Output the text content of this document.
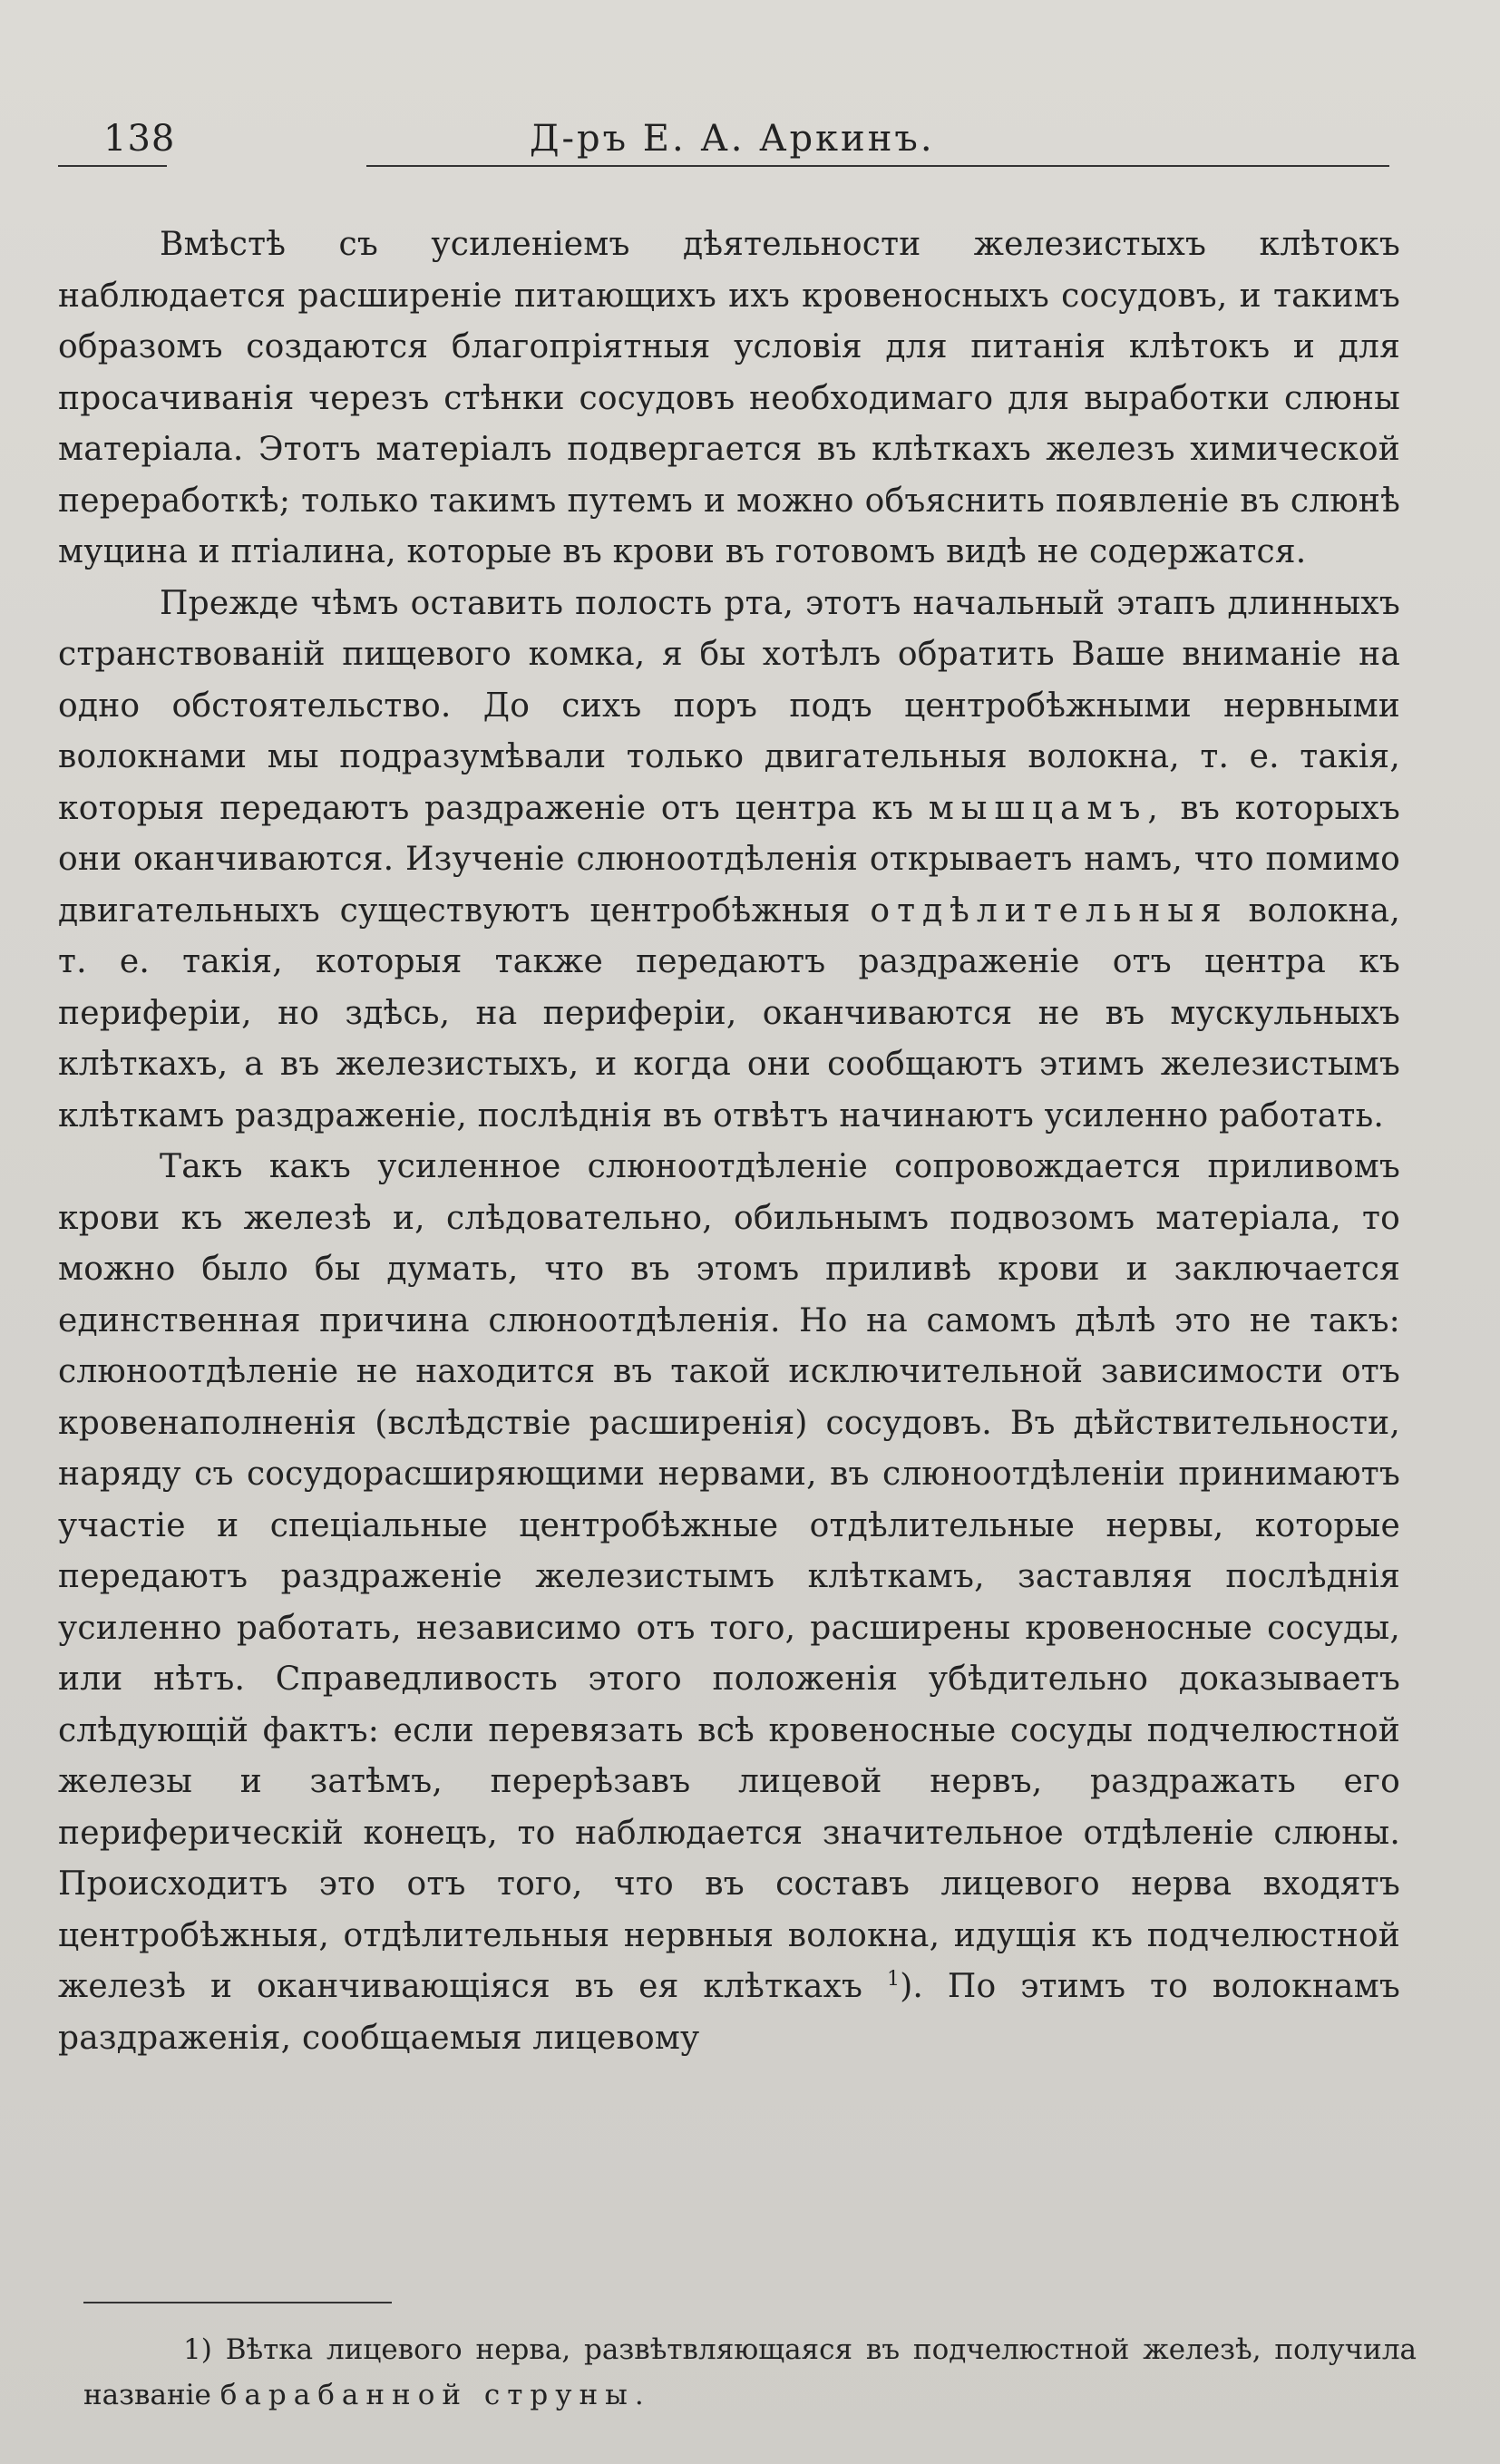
138	Д-ръ Е. А. Аркинъ.

Вмѣстѣ съ усиленіемъ дѣятельности железистыхъ клѣтокъ наблюдается расширеніе питающихъ ихъ кровеносныхъ сосудовъ, и такимъ образомъ создаются благопріятныя условія для питанія клѣтокъ и для просачиванія черезъ стѣнки сосудовъ необходимаго для выработки слюны матеріала. Этотъ матеріалъ подвергается въ клѣткахъ железъ химической переработкѣ; только такимъ путемъ и можно объяснить появленіе въ слюнѣ муцина и птіалина, которые въ крови въ готовомъ видѣ не содержатся.

Прежде чѣмъ оставить полость рта, этотъ начальный этапъ длинныхъ странствованій пищевого комка, я бы хотѣлъ обратить Ваше вниманіе на одно обстоятельство. До сихъ поръ подъ центробѣжными нервными волокнами мы подразумѣвали только двигательныя волокна, т. е. такія, которыя передаютъ раздраженіе отъ центра къ мышцамъ, въ которыхъ они оканчиваются. Изученіе слюноотдѣленія открываетъ намъ, что помимо двигательныхъ существуютъ центробѣжныя отдѣлительныя волокна, т. е. такія, которыя также передаютъ раздраженіе отъ центра къ периферіи, но здѣсь, на периферіи, оканчиваются не въ мускульныхъ клѣткахъ, а въ железистыхъ, и когда они сообщаютъ этимъ железистымъ клѣткамъ раздраженіе, послѣднія въ отвѣтъ начинаютъ усиленно работать.

Такъ какъ усиленное слюноотдѣленіе сопровождается приливомъ крови къ железѣ и, слѣдовательно, обильнымъ подвозомъ матеріала, то можно было бы думать, что въ этомъ приливѣ крови и заключается единственная причина слюноотдѣленія. Но на самомъ дѣлѣ это не такъ: слюноотдѣленіе не находится въ такой исключительной зависимости отъ кровенаполненія (вслѣдствіе расширенія) сосудовъ. Въ дѣйствительности, наряду съ сосудорасширяющими нервами, въ слюноотдѣленіи принимаютъ участіе и спеціальные центробѣжные отдѣлительные нервы, которые передаютъ раздраженіе железистымъ клѣткамъ, заставляя послѣднія усиленно работать, независимо отъ того, расширены кровеносные сосуды, или нѣтъ. Справедливость этого положенія убѣдительно доказываетъ слѣдующій фактъ: если перевязать всѣ кровеносные сосуды подчелюстной железы и затѣмъ, перерѣзавъ лицевой нервъ, раздражать его периферическій конецъ, то наблюдается значительное отдѣленіе слюны. Происходитъ это отъ того, что въ составъ лицевого нерва входятъ центробѣжныя, отдѣлительныя нервныя волокна, идущія къ подчелюстной железѣ и оканчивающіяся въ ея клѣткахъ $^1$). По этимъ то волокнамъ раздраженія, сообщаемыя лицевому

1) Вѣтка лицевого нерва, развѣтвляющаяся въ подчелюстной железѣ, получила названіе барабанной струны.
